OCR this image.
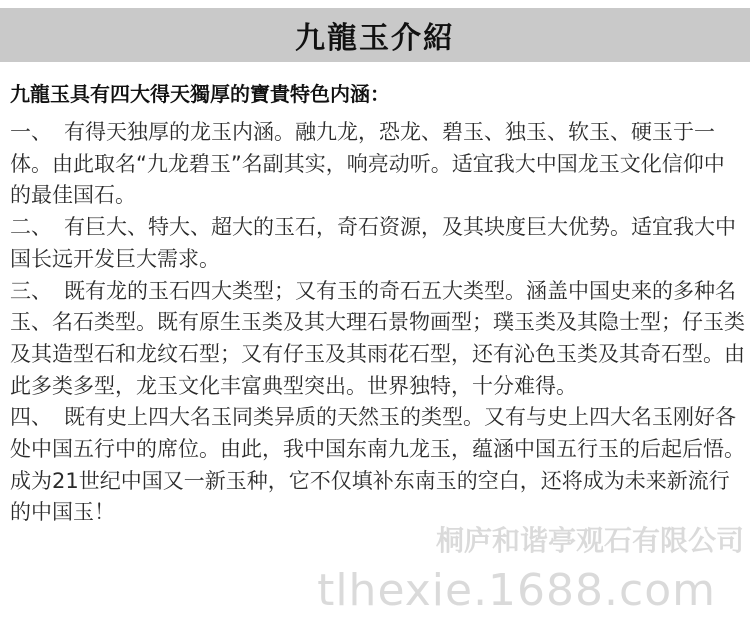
九龍玉介紹
九龍玉具有四大得天獨厚的寶貴特色内涵：

一、 有得天独厚的龙玉内涵。融九龙，恐龙、碧玉、独玉、软玉、硬玉于一体。由此取名“九龙碧玉”名副其实，响亮动听。适宜我大中国龙玉文化信仰中的最佳国石。

二、 有巨大、特大、超大的玉石，奇石资源，及其块度巨大优势。适宜我大中国长远开发巨大需求。

三、 既有龙的玉石四大类型；又有玉的奇石五大类型。涵盖中国史来的多种名玉、名石类型。既有原生玉类及其大理石景物画型；璞玉类及其隐士型；仔玉类及其造型石和龙纹石型；又有仔玉及其雨花石型，还有沁色玉类及其奇石型。由此多类多型，龙玉文化丰富典型突出。世界独特，十分难得。

四、 既有史上四大名玉同类异质的天然玉的类型。又有与史上四大名玉刚好各处中国五行中的席位。由此，我中国东南九龙玉，蕴涵中国五行玉的后起后悟。成为21世纪中国又一新玉种，它不仅填补东南玉的空白，还将成为未来新流行的中国玉！

桐庐和谐亭观石有限公司
tlhexie.1688.com
